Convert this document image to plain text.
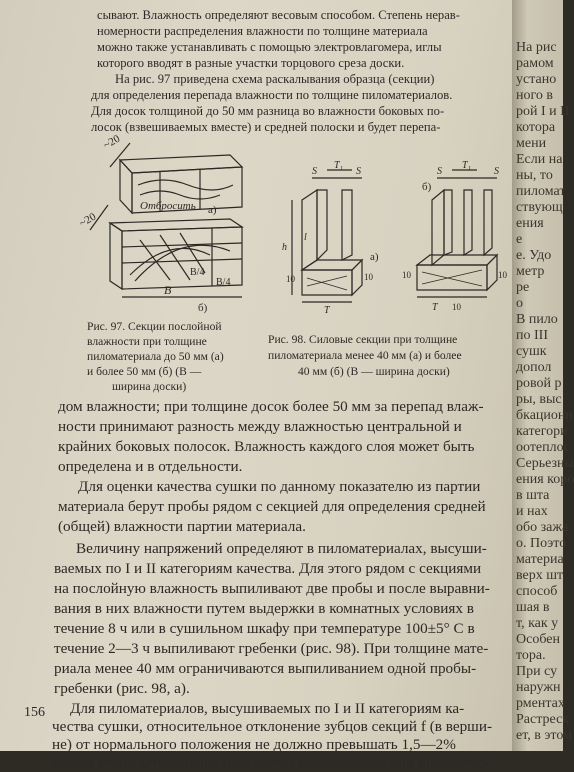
сывают. Влажность определяют весовым способом. Степень нерав-
номерности распределения влажности по толщине материала
можно также устанавливать с помощью электровлагомера, иглы
которого вводят в разные участки торцового среза доски.
На рис. 97 приведена схема раскалывания образца (секции)
для определения перепада влажности по толщине пиломатериалов.
Для досок толщиной до 50 мм разница во влажности боковых по-
лосок (взвешиваемых вместе) и средней полоски и будет перепа-
~20
~20
Отбросить а)
B
B/4
B/4
б)
S
T₁
S
h
l
10	10
T
а)
S
T₁
S
10
10
10
T
б)
Рис. 97. Секции послойной
влажности при толщине
пиломатериала до 50 мм (а)
и более 50 мм (б) (B —
ширина доски)
Рис. 98. Силовые секции при толщине
пиломатериала менее 40 мм (а) и более
40 мм (б) (B — ширина доски)
дом влажности; при толщине досок более 50 мм за перепад влаж-
ности принимают разность между влажностью центральной и
крайних боковых полосок. Влажность каждого слоя может быть
определена и в отдельности.
Для оценки качества сушки по данному показателю из партии
материала берут пробы рядом с секцией для определения средней
(общей) влажности партии материала.
Величину напряжений определяют в пиломатериалах, высуши-
ваемых по I и II категориям качества. Для этого рядом с секциями
на послойную влажность выпиливают две пробы и после выравни-
вания в них влажности путем выдержки в комнатных условиях в
течение 8 ч или в сушильном шкафу при температуре 100±5° С в
течение 2—3 ч выпиливают гребенки (рис. 98). При толщине мате-
риала менее 40 мм ограничиваются выпиливанием одной пробы-
гребенки (рис. 98, а).
Для пиломатериалов, высушиваемых по I и II категориям ка-
чества сушки, относительное отклонение зубцов секций f (в верши-
не) от нормального положения не должно превышать 1,5—2%
длины зубца. Отклонение измеряется микрометром или индикатор-
156
На рис
рамом
устано
ного в
рой I и II
котора
мени
Если на
ны, то
пиломат
ствующ
ения
е
е. Удо
метр
ре
о
В пило
по III
сушк
допол
ровой р
ры, выс
бкационн
категори
оотеплос
Серьезны
ения коро
в шта
и нах
обо зажа
о. Поэто
материа
верх шт
способ
шая в
т, как у
Особен
тора.
При су
наружн
рментах
Растреск
ет, в этом
